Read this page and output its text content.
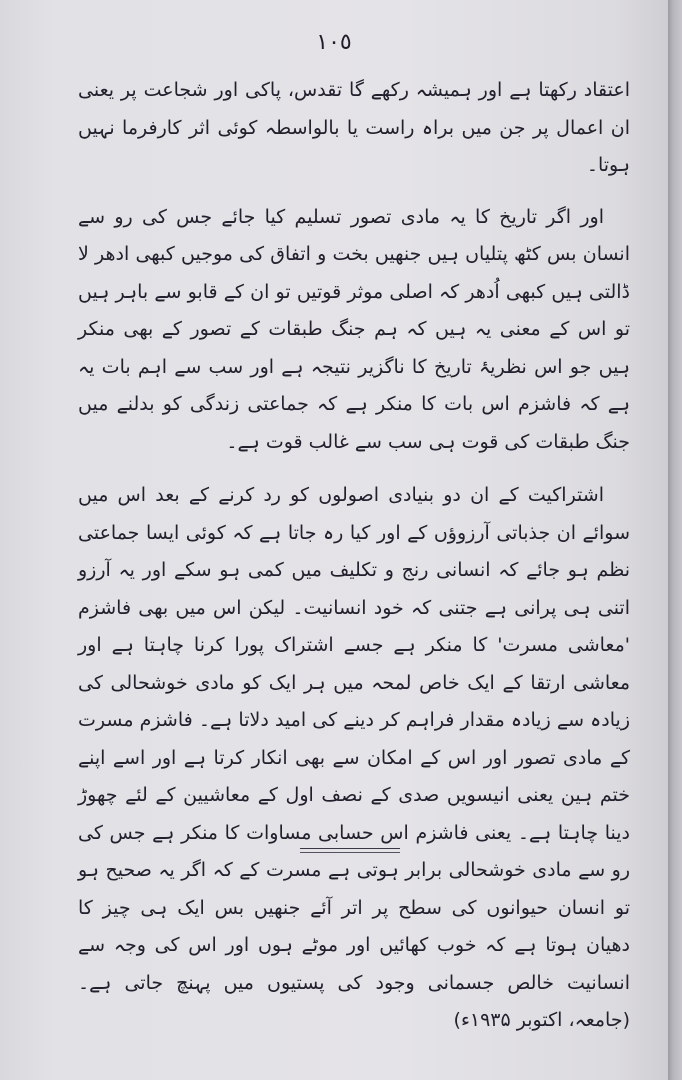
١٠٥

اعتقاد رکھتا ہے اور ہمیشہ رکھے گا تقدس، پاکی اور شجاعت پر یعنی ان اعمال پر جن میں براہ راست یا بالواسطہ کوئی اثر کارفرما نہیں ہوتا۔

اور اگر تاریخ کا یہ مادی تصور تسلیم کیا جائے جس کی رو سے انسان بس کٹھ پتلیاں ہیں جنھیں بخت و اتفاق کی موجیں کبھی ادھر لا ڈالتی ہیں کبھی اُدھر کہ اصلی موثر قوتیں تو ان کے قابو سے باہر ہیں تو اس کے معنی یہ ہیں کہ ہم جنگ طبقات کے تصور کے بھی منکر ہیں جو اس نظریۂ تاریخ کا ناگزیر نتیجہ ہے اور سب سے اہم بات یہ ہے کہ فاشزم اس بات کا منکر ہے کہ جماعتی زندگی کو بدلنے میں جنگ طبقات کی قوت ہی سب سے غالب قوت ہے۔

اشتراکیت کے ان دو بنیادی اصولوں کو رد کرنے کے بعد اس میں سوائے ان جذباتی آرزوؤں کے اور کیا رہ جاتا ہے کہ کوئی ایسا جماعتی نظم ہو جائے کہ انسانی رنج و تکلیف میں کمی ہو سکے اور یہ آرزو اتنی ہی پرانی ہے جتنی کہ خود انسانیت۔ لیکن اس میں بھی فاشزم 'معاشی مسرت' کا منکر ہے جسے اشتراک پورا کرنا چاہتا ہے اور معاشی ارتقا کے ایک خاص لمحہ میں ہر ایک کو مادی خوشحالی کی زیادہ سے زیادہ مقدار فراہم کر دینے کی امید دلاتا ہے۔ فاشزم مسرت کے مادی تصور اور اس کے امکان سے بھی انکار کرتا ہے اور اسے اپنے ختم ہین یعنی انیسویں صدی کے نصف اول کے معاشیین کے لئے چھوڑ دینا چاہتا ہے۔ یعنی فاشزم اس حسابی مساوات کا منکر ہے جس کی رو سے مادی خوشحالی برابر ہوتی ہے مسرت کے کہ اگر یہ صحیح ہو تو انسان حیوانوں کی سطح پر اتر آئے جنھیں بس ایک ہی چیز کا دھیان ہوتا ہے کہ خوب کھائیں اور موٹے ہوں اور اس کی وجہ سے انسانیت خالص جسمانی وجود کی پستیوں میں پہنچ جاتی ہے۔ (جامعہ، اکتوبر ۱۹۳۵ء)
